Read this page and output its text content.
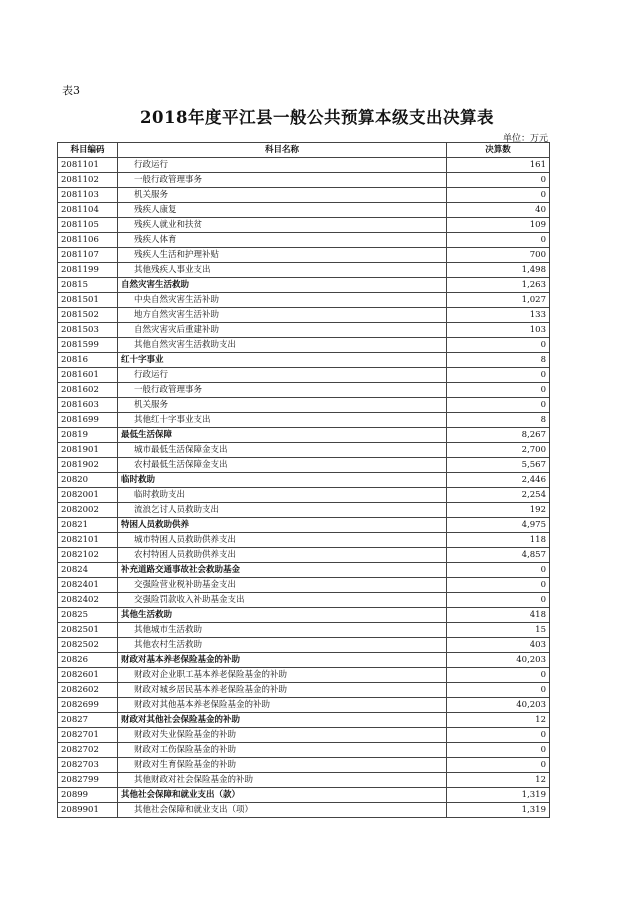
表3
2018年度平江县一般公共预算本级支出决算表
单位：万元
科目编码	科目名称	决算数
2081101	行政运行	161
2081102	一般行政管理事务	0
2081103	机关服务	0
2081104	残疾人康复	40
2081105	残疾人就业和扶贫	109
2081106	残疾人体育	0
2081107	残疾人生活和护理补贴	700
2081199	其他残疾人事业支出	1,498
20815	自然灾害生活救助	1,263
2081501	中央自然灾害生活补助	1,027
2081502	地方自然灾害生活补助	133
2081503	自然灾害灾后重建补助	103
2081599	其他自然灾害生活救助支出	0
20816	红十字事业	8
2081601	行政运行	0
2081602	一般行政管理事务	0
2081603	机关服务	0
2081699	其他红十字事业支出	8
20819	最低生活保障	8,267
2081901	城市最低生活保障金支出	2,700
2081902	农村最低生活保障金支出	5,567
20820	临时救助	2,446
2082001	临时救助支出	2,254
2082002	流浪乞讨人员救助支出	192
20821	特困人员救助供养	4,975
2082101	城市特困人员救助供养支出	118
2082102	农村特困人员救助供养支出	4,857
20824	补充道路交通事故社会救助基金	0
2082401	交强险营业税补助基金支出	0
2082402	交强险罚款收入补助基金支出	0
20825	其他生活救助	418
2082501	其他城市生活救助	15
2082502	其他农村生活救助	403
20826	财政对基本养老保险基金的补助	40,203
2082601	财政对企业职工基本养老保险基金的补助	0
2082602	财政对城乡居民基本养老保险基金的补助	0
2082699	财政对其他基本养老保险基金的补助	40,203
20827	财政对其他社会保险基金的补助	12
2082701	财政对失业保险基金的补助	0
2082702	财政对工伤保险基金的补助	0
2082703	财政对生育保险基金的补助	0
2082799	其他财政对社会保险基金的补助	12
20899	其他社会保障和就业支出（款）	1,319
2089901	其他社会保障和就业支出（项）	1,319
